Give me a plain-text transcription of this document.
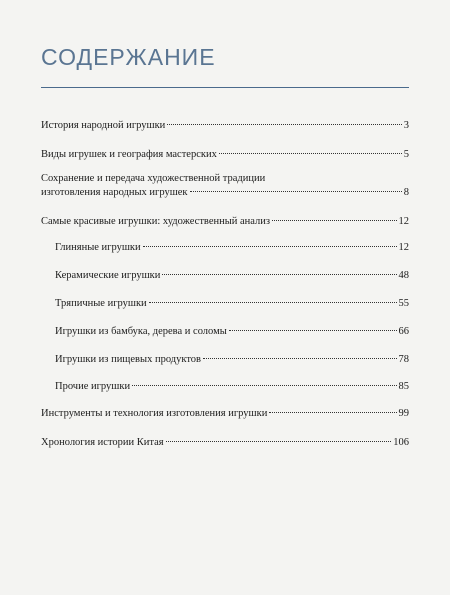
СОДЕРЖАНИЕ
История народной игрушки	3
Виды игрушек и география мастерских	5
Сохранение и передача художественной традиции
изготовления народных игрушек	8
Самые красивые игрушки: художественный анализ	12
Глиняные игрушки	12
Керамические игрушки	48
Тряпичные игрушки	55
Игрушки из бамбука, дерева и соломы	66
Игрушки из пищевых продуктов	78
Прочие игрушки	85
Инструменты и технология изготовления игрушки	99
Хронология истории Китая	106
